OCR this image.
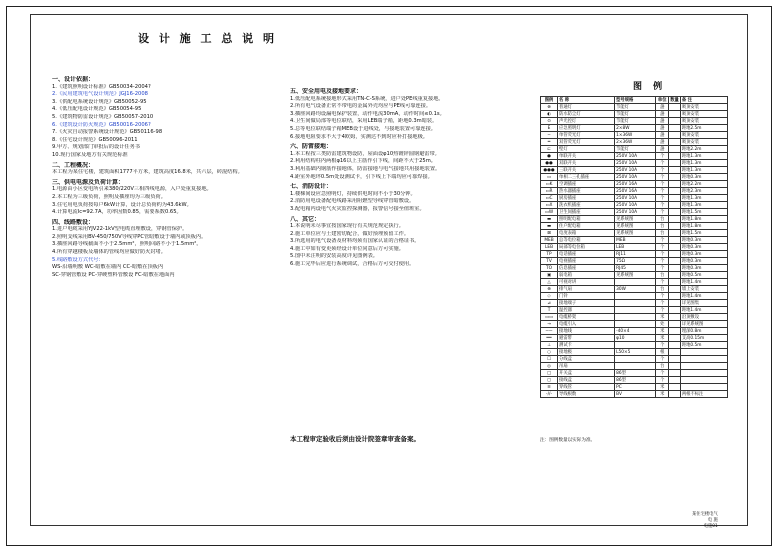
设 计 施 工 总 说 明
一、设计依据：
1.《建筑照明设计标准》GB50034-2004?
2.《民用建筑电气设计规范》JGJ16-2008
3.《供配电系统设计规范》GB50052-95
4.《低压配电设计规范》GB50054-95
5.《建筑物防雷设计规范》GB50057-2010
6.《建筑设计防火规范》GB50016-2006?
7.《火灾自动报警系统设计规范》GB50116-98
8.《住宅设计规范》GB50096-2011
9.甲方、规划部门审批后的设计任务书
10.现行国家及地方有关规范标准
二、工程概况：
本工程为某住宅楼，建筑面积1777平方米，建筑高度16.8米，共六层，砖混结构。
三、供电电源及负荷计算：
1.电源由小区变电所引来380/220V三相四线电源，入户处重复接地。
2.本工程为三级负荷，照明及插座均为三级负荷。
3.住宅用电负荷按每户6kW计算，设计总负荷约为43.6kW。
4.计算电流Ic=92.7A，功率因数0.85，需要系数0.65。
四、线路敷设：
1.进户电缆采用YJV22-1kV型电缆直埋敷设，穿钢管保护。
2.照明支线采用BV-450/750V导线穿PC管暗敷设于墙内或顶板内。
3.插座回路导线截面不小于2.5mm²，照明回路不小于1.5mm²。
4.所有穿越楼板及墙体的管线均应做好防火封堵。
5.线路敷设方式代号：
WS-沿墙明敷 WC-暗敷在墙内 CC-暗敷在顶板内
SC-穿钢管敷设 PC-穿硬塑料管敷设 FC-暗敷在地面内
五、安全用电及接地要求：
1.低压配电系统接地形式采用TN-C-S系统，进户处PE线重复接地。
2.所有电气设备正常不带电的金属外壳均应与PE线可靠连接。
3.插座回路均设漏电保护装置，动作电流30mA，动作时间≤0.1s。
4.卫生间做局部等电位联结，采用LEB端子箱，距地0.3m暗装。
5.总等电位联结端子箱MEB设于进线处，与接地装置可靠连接。
6.接地电阻要求不大于4欧姆，实测达不到时应补打接地极。
六、防雷接地：
1.本工程按三类防雷建筑物设防，屋面设φ10热镀锌圆钢避雷带。
2.利用结构柱内两根φ16以上主筋作引下线，间距不大于25m。
3.利用基础内钢筋作接地体，防雷接地与电气接地共用接地装置。
4.距室外地坪0.5m处设测试卡，引下线上下端均应可靠焊接。
七、消防设计：
1.楼梯间设应急照明灯，持续供电时间不小于30分钟。
2.消防用电设备配电线路采用阻燃型导线穿管暗敷设。
3.配电箱内设电气火灾监控探测器，报警信号接至值班室。
八、其它：
1.本说明未尽事宜按国家现行有关规范规定执行。
2.施工单位应与土建密切配合，做好预埋预留工作。
3.所选用的电气设备及材料均须有国家认证的合格证书。
4.施工中如有变更须经设计单位同意后方可实施。
5.图中未注明的安装高度详见图例表。
6.施工完毕后应进行系统调试，合格后方可交付使用。
本工程审定验收后须由设计院签章审查备案。
图 例
图例	名 称	型号规格	单位	数量	备 注
⊗	普通灯	节能灯	盏		吸顶安装
◐	防水防尘灯	节能灯	盏		吸顶安装
⊙	声光控灯	节能灯	盏		吸顶安装
E	应急照明灯	2×8W	盏		距地2.5m
─	单管荧光灯	1×36W	盏		吸顶安装
═	双管荧光灯	2×36W	盏		吸顶安装
⊏	壁灯	节能灯	盏		距地2.2m
●	单联开关	250V 10A	个		距地1.3m
●●	双联开关	250V 10A	个		距地1.3m
●●●	三联开关	250V 10A	个		距地1.3m
▭	单相二三孔插座	250V 10A	个		距地0.3m
▭K	空调插座	250V 16A	个		距地2.2m
▭R	热水器插座	250V 16A	个		距地2.3m
▭C	厨房插座	250V 10A	个		距地1.3m
▭X	洗衣机插座	250V 10A	个		距地1.3m
▭W	卫生间插座	250V 10A	个		距地1.5m
▬	照明配电箱	见系统图	台		距地1.8m
▬	住户配电箱	见系统图	台		距地1.8m
⊠	电度表箱	见系统图	台		距地1.5m
MEB	总等电位箱	MEB	个		距地0.3m
LEB	局部等电位箱	LEB	个		距地0.3m
TP	电话插座	RJ11	个		距地0.3m
TV	电视插座	75Ω	个		距地0.3m
TO	信息插座	RJ45	个		距地0.3m
▣	弱电箱	见系统图	台		距地0.5m
△	可视对讲		个		距地1.4m
⊕	排气扇	30W	台		墙上安装
◇	门铃		个		距地1.4m
⊿	接地端子		个		详见图集
T	温控器		个		距地1.4m
▭▭	电缆桥架		米		沿顶敷设
→	电缆引入		处		详见系统图
─·─	接地线	-40×4	米		埋深0.8m
══	避雷带	φ10	米		支高0.15m
⊥	测试卡		个		距地0.5m
○	接地极	L50×5	根		
☐	分线盒		个		
◎	吊扇		台		
□	开关盒	86型	个		
▢	接线盒	86型	个		
≡	穿线管	PC	米		
-//-	导线根数	BV	米		两根不标注
注：图例数量以实际为准。
某住宅楼电气
电 施
电施01
